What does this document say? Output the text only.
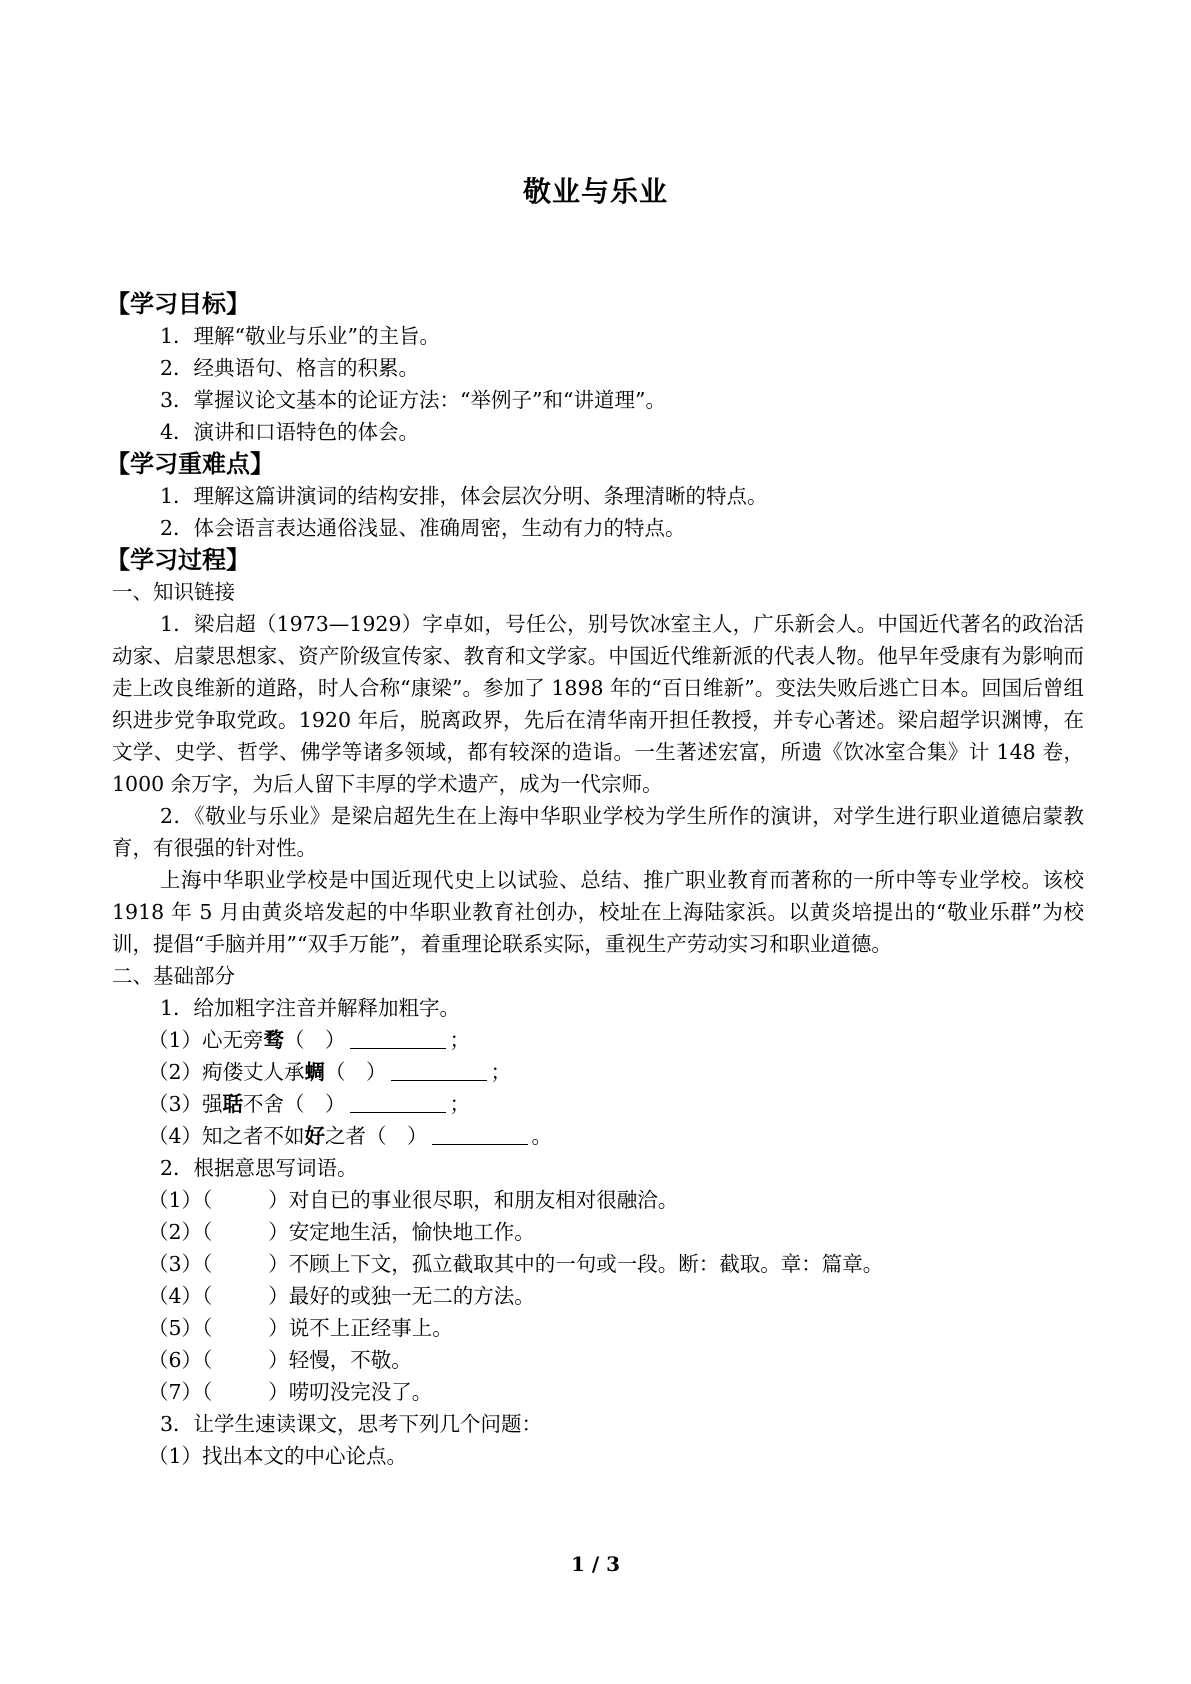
敬业与乐业
【学习目标】
1．理解“敬业与乐业”的主旨。
2．经典语句、格言的积累。
3．掌握议论文基本的论证方法：“举例子”和“讲道理”。
4．演讲和口语特色的体会。
【学习重难点】
1．理解这篇讲演词的结构安排，体会层次分明、条理清晰的特点。
2．体会语言表达通俗浅显、准确周密，生动有力的特点。
【学习过程】
一、知识链接
1．梁启超（1973—1929）字卓如，号任公，别号饮冰室主人，广乐新会人。中国近代著名的政治活动家、启蒙思想家、资产阶级宣传家、教育和文学家。中国近代维新派的代表人物。他早年受康有为影响而走上改良维新的道路，时人合称“康梁”。参加了 1898 年的“百日维新”。变法失败后逃亡日本。回国后曾组织进步党争取党政。1920 年后，脱离政界，先后在清华南开担任教授，并专心著述。梁启超学识渊博，在文学、史学、哲学、佛学等诸多领域，都有较深的造诣。一生著述宏富，所遗《饮冰室合集》计 148 卷，1000 余万字，为后人留下丰厚的学术遗产，成为一代宗师。
2．《敬业与乐业》是梁启超先生在上海中华职业学校为学生所作的演讲，对学生进行职业道德启蒙教育，有很强的针对性。
上海中华职业学校是中国近现代史上以试验、总结、推广职业教育而著称的一所中等专业学校。该校 1918 年 5 月由黄炎培发起的中华职业教育社创办，校址在上海陆家浜。以黄炎培提出的“敬业乐群”为校训，提倡“手脑并用”“双手万能”，着重理论联系实际，重视生产劳动实习和职业道德。
二、基础部分
1．给加粗字注音并解释加粗字。
（1）心无旁骛（　）	；
（2）痀偻丈人承蜩（　）	；
（3）强聒不舍（　）	；
（4）知之者不如好之者（　）	。
2．根据意思写词语。
（1）（	）对自已的事业很尽职，和朋友相对很融洽。
（2）（	）安定地生活，愉快地工作。
（3）（	）不顾上下文，孤立截取其中的一句或一段。断：截取。章：篇章。
（4）（	）最好的或独一无二的方法。
（5）（	）说不上正经事上。
（6）（	）轻慢，不敬。
（7）（	）唠叨没完没了。
3．让学生速读课文，思考下列几个问题：
（1）找出本文的中心论点。
1 / 3
